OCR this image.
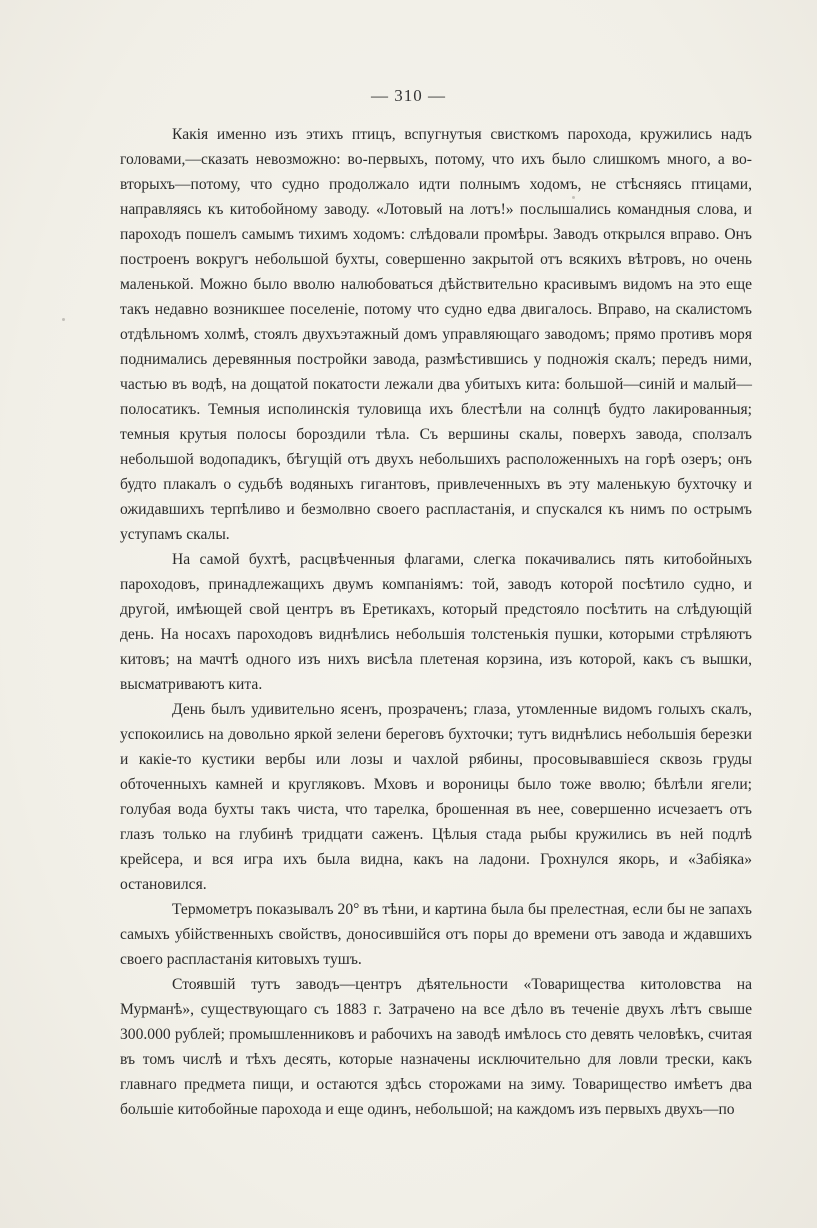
— 310 —

Какія именно изъ этихъ птицъ, вспугнутыя свисткомъ парохода, кружились надъ головами,—сказать невозможно: во-первыхъ, потому, что ихъ было слишкомъ много, а во-вторыхъ—потому, что судно продолжало идти полнымъ ходомъ, не стѣсняясь птицами, направляясь къ китобойному заводу. «Лотовый на лотъ!» послышались командныя слова, и пароходъ пошелъ самымъ тихимъ ходомъ: слѣдовали промѣры. Заводъ открылся вправо. Онъ построенъ вокругъ небольшой бухты, совершенно закрытой отъ всякихъ вѣтровъ, но очень маленькой. Можно было вволю налюбоваться дѣйствительно красивымъ видомъ на это еще такъ недавно возникшее поселеніе, потому что судно едва двигалось. Вправо, на скалистомъ отдѣльномъ холмѣ, стоялъ двухъэтажный домъ управляющаго заводомъ; прямо противъ моря поднимались деревянныя постройки завода, размѣстившись у подножія скалъ; передъ ними, частью въ водѣ, на дощатой покатости лежали два убитыхъ кита: большой—синій и малый—полосатикъ. Темныя исполинскія туловища ихъ блестѣли на солнцѣ будто лакированныя; темныя крутыя полосы бороздили тѣла. Съ вершины скалы, поверхъ завода, сползалъ небольшой водопадикъ, бѣгущій отъ двухъ небольшихъ расположенныхъ на горѣ озеръ; онъ будто плакалъ о судьбѣ водяныхъ гигантовъ, привлеченныхъ въ эту маленькую бухточку и ожидавшихъ терпѣливо и безмолвно своего распластанія, и спускался къ нимъ по острымъ уступамъ скалы.

На самой бухтѣ, расцвѣченныя флагами, слегка покачивались пять китобойныхъ пароходовъ, принадлежащихъ двумъ компаніямъ: той, заводъ которой посѣтило судно, и другой, имѣющей свой центръ въ Еретикахъ, который предстояло посѣтить на слѣдующій день. На носахъ пароходовъ виднѣлись небольшія толстенькія пушки, которыми стрѣляютъ китовъ; на мачтѣ одного изъ нихъ висѣла плетеная корзина, изъ которой, какъ съ вышки, высматриваютъ кита.

День былъ удивительно ясенъ, прозраченъ; глаза, утомленные видомъ голыхъ скалъ, успокоились на довольно яркой зелени береговъ бухточки; тутъ виднѣлись небольшія березки и какіе-то кустики вербы или лозы и чахлой рябины, просовывавшіеся сквозь груды обточенныхъ камней и кругляковъ. Мховъ и вороницы было тоже вволю; бѣлѣли ягели; голубая вода бухты такъ чиста, что тарелка, брошенная въ нее, совершенно исчезаетъ отъ глазъ только на глубинѣ тридцати саженъ. Цѣлыя стада рыбы кружились въ ней подлѣ крейсера, и вся игра ихъ была видна, какъ на ладони. Грохнулся якорь, и «Забіяка» остановился.

Термометръ показывалъ 20° въ тѣни, и картина была бы прелестная, если бы не запахъ самыхъ убійственныхъ свойствъ, доносившійся отъ поры до времени отъ завода и ждавшихъ своего распластанія китовыхъ тушъ.

Стоявшій тутъ заводъ—центръ дѣятельности «Товарищества китоловства на Мурманѣ», существующаго съ 1883 г. Затрачено на все дѣло въ теченіе двухъ лѣтъ свыше 300.000 рублей; промышленниковъ и рабочихъ на заводѣ имѣлось сто девять человѣкъ, считая въ томъ числѣ и тѣхъ десять, которые назначены исключительно для ловли трески, какъ главнаго предмета пищи, и остаются здѣсь сторожами на зиму. Товарищество имѣетъ два большіе китобойные парохода и еще одинъ, небольшой; на каждомъ изъ первыхъ двухъ—по
